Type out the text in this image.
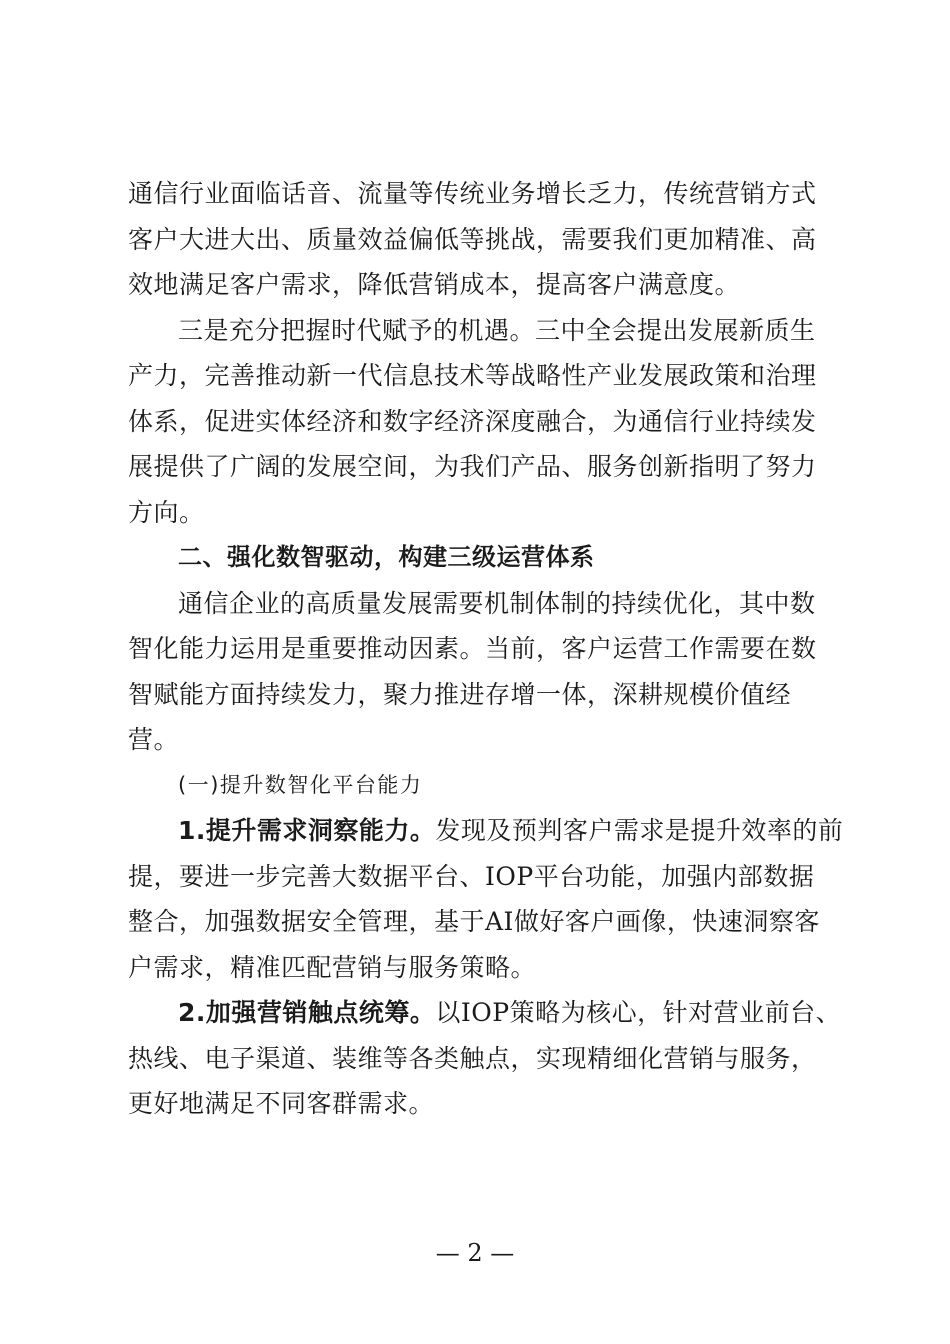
通信行业面临话音、流量等传统业务增长乏力，传统营销方式
客户大进大出、质量效益偏低等挑战，需要我们更加精准、高
效地满足客户需求，降低营销成本，提高客户满意度。
三是充分把握时代赋予的机遇。三中全会提出发展新质生
产力，完善推动新一代信息技术等战略性产业发展政策和治理
体系，促进实体经济和数字经济深度融合，为通信行业持续发
展提供了广阔的发展空间，为我们产品、服务创新指明了努力
方向。
二、强化数智驱动，构建三级运营体系
通信企业的高质量发展需要机制体制的持续优化，其中数
智化能力运用是重要推动因素。当前，客户运营工作需要在数
智赋能方面持续发力，聚力推进存增一体，深耕规模价值经
营。
(一)提升数智化平台能力
1.提升需求洞察能力。发现及预判客户需求是提升效率的前
提，要进一步完善大数据平台、IOP平台功能，加强内部数据
整合，加强数据安全管理，基于AI做好客户画像，快速洞察客
户需求，精准匹配营销与服务策略。
2.加强营销触点统筹。以IOP策略为核心，针对营业前台、
热线、电子渠道、装维等各类触点，实现精细化营销与服务，
更好地满足不同客群需求。
— 2 —
